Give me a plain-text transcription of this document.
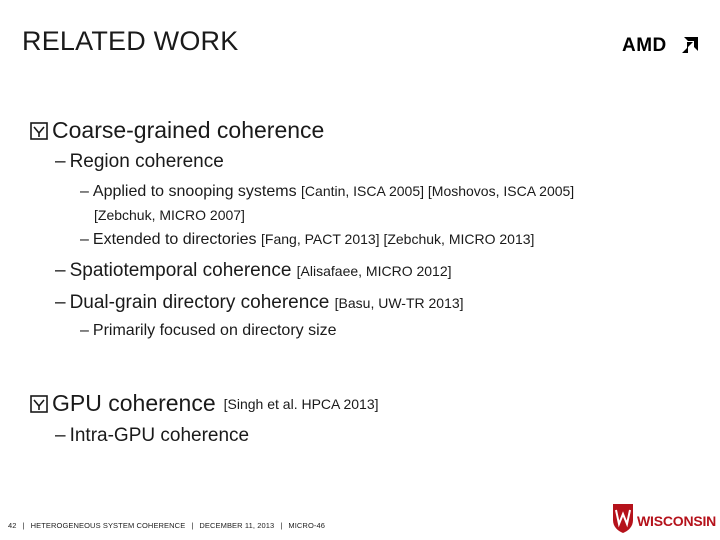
RELATED WORK	AMD
Coarse-grained coherence
– Region coherence
– Applied to snooping systems [Cantin, ISCA 2005] [Moshovos, ISCA 2005]
[Zebchuk, MICRO 2007]
– Extended to directories [Fang, PACT 2013] [Zebchuk, MICRO 2013]
– Spatiotemporal coherence [Alisafaee, MICRO 2012]
– Dual-grain directory coherence [Basu, UW-TR 2013]
– Primarily focused on directory size
GPU coherence [Singh et al. HPCA 2013]
– Intra-GPU coherence
42 | HETEROGENEOUS SYSTEM COHERENCE | DECEMBER 11, 2013 | MICRO-46	WISCONSIN
